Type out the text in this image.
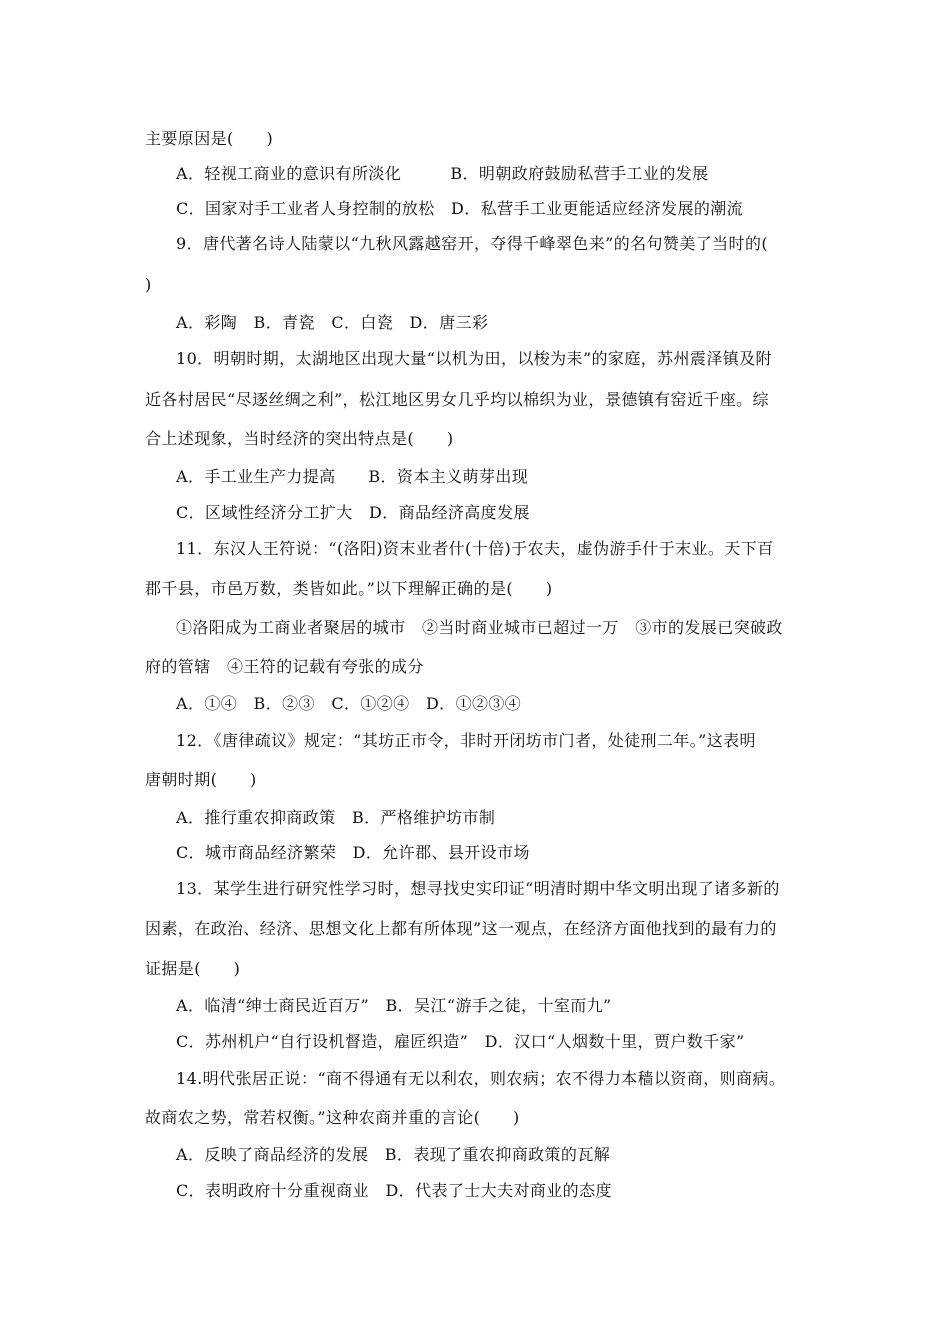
主要原因是(　　)
A．轻视工商业的意识有所淡化　　　B．明朝政府鼓励私营手工业的发展
C．国家对手工业者人身控制的放松　D．私营手工业更能适应经济发展的潮流
9．唐代著名诗人陆蒙以“九秋风露越窑开，夺得千峰翠色来”的名句赞美了当时的(
)
A．彩陶　B．青瓷　C．白瓷　D．唐三彩
10．明朝时期，太湖地区出现大量“以机为田，以梭为耒”的家庭，苏州震泽镇及附
近各村居民“尽逐丝绸之利”，松江地区男女几乎均以棉织为业，景德镇有窑近千座。综
合上述现象，当时经济的突出特点是(　　)
A．手工业生产力提高　　B．资本主义萌芽出现
C．区域性经济分工扩大　D．商品经济高度发展
11．东汉人王符说：“(洛阳)资末业者什(十倍)于农夫，虚伪游手什于末业。天下百
郡千县，市邑万数，类皆如此。”以下理解正确的是(　　)
①洛阳成为工商业者聚居的城市　②当时商业城市已超过一万　③市的发展已突破政
府的管辖　④王符的记载有夸张的成分
A．①④　B．②③　C．①②④　D．①②③④
12．《唐律疏议》规定：“其坊正市令，非时开闭坊市门者，处徒刑二年。”这表明
唐朝时期(　　)
A．推行重农抑商政策　B．严格维护坊市制
C．城市商品经济繁荣　D．允许郡、县开设市场
13．某学生进行研究性学习时，想寻找史实印证“明清时期中华文明出现了诸多新的
因素，在政治、经济、思想文化上都有所体现”这一观点，在经济方面他找到的最有力的
证据是(　　)
A．临清“绅士商民近百万”　B．吴江“游手之徒，十室而九”
C．苏州机户“自行设机督造，雇匠织造”　D．汉口“人烟数十里，贾户数千家”
14.明代张居正说：“商不得通有无以利农，则农病；农不得力本穑以资商，则商病。
故商农之势，常若权衡。”这种农商并重的言论(　　)
A．反映了商品经济的发展　B．表现了重农抑商政策的瓦解
C．表明政府十分重视商业　D．代表了士大夫对商业的态度
